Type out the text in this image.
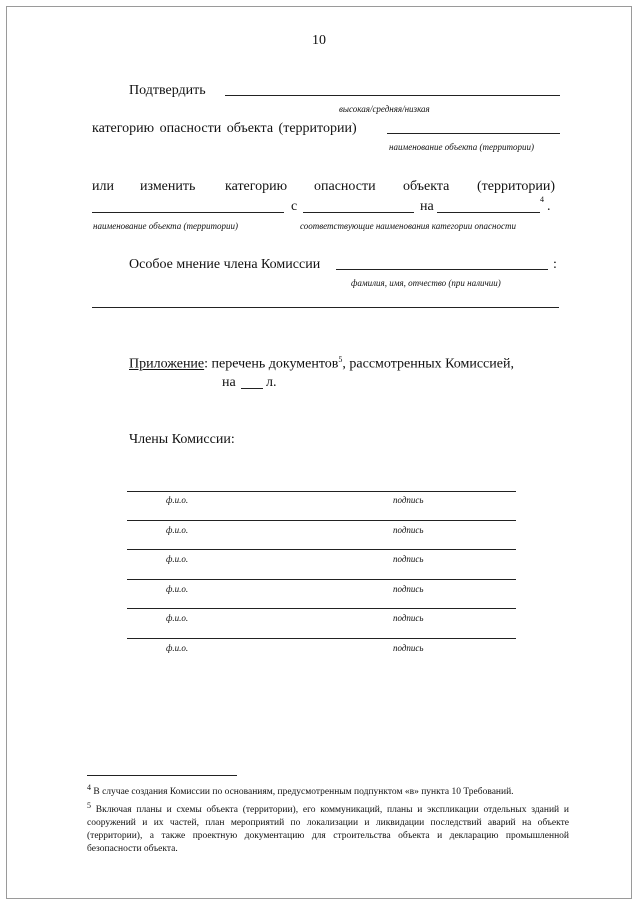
10
Подтвердить
высокая/средняя/низкая
категорию опасности объекта (территории)
наименование объекта (территории)
или изменить категорию опасности объекта (территории)
с	на	4 .
наименование объекта (территории)	соответствующие наименования категории опасности
Особое мнение члена Комиссии	:
фамилия, имя, отчество (при наличии)
Приложение: перечень документов$^5$, рассмотренных Комиссией,
на л.
Члены Комиссии:
ф.и.о.	подпись
ф.и.о.	подпись
ф.и.о.	подпись
ф.и.о.	подпись
ф.и.о.	подпись
ф.и.о.	подпись
$^4$ В случае создания Комиссии по основаниям, предусмотренным подпунктом «в» пункта 10 Требований.
$^5$ Включая планы и схемы объекта (территории), его коммуникаций, планы и экспликации отдельных зданий и сооружений и их частей, план мероприятий по локализации и ликвидации последствий аварий на объекте (территории), а также проектную документацию для строительства объекта и декларацию промышленной безопасности объекта.
